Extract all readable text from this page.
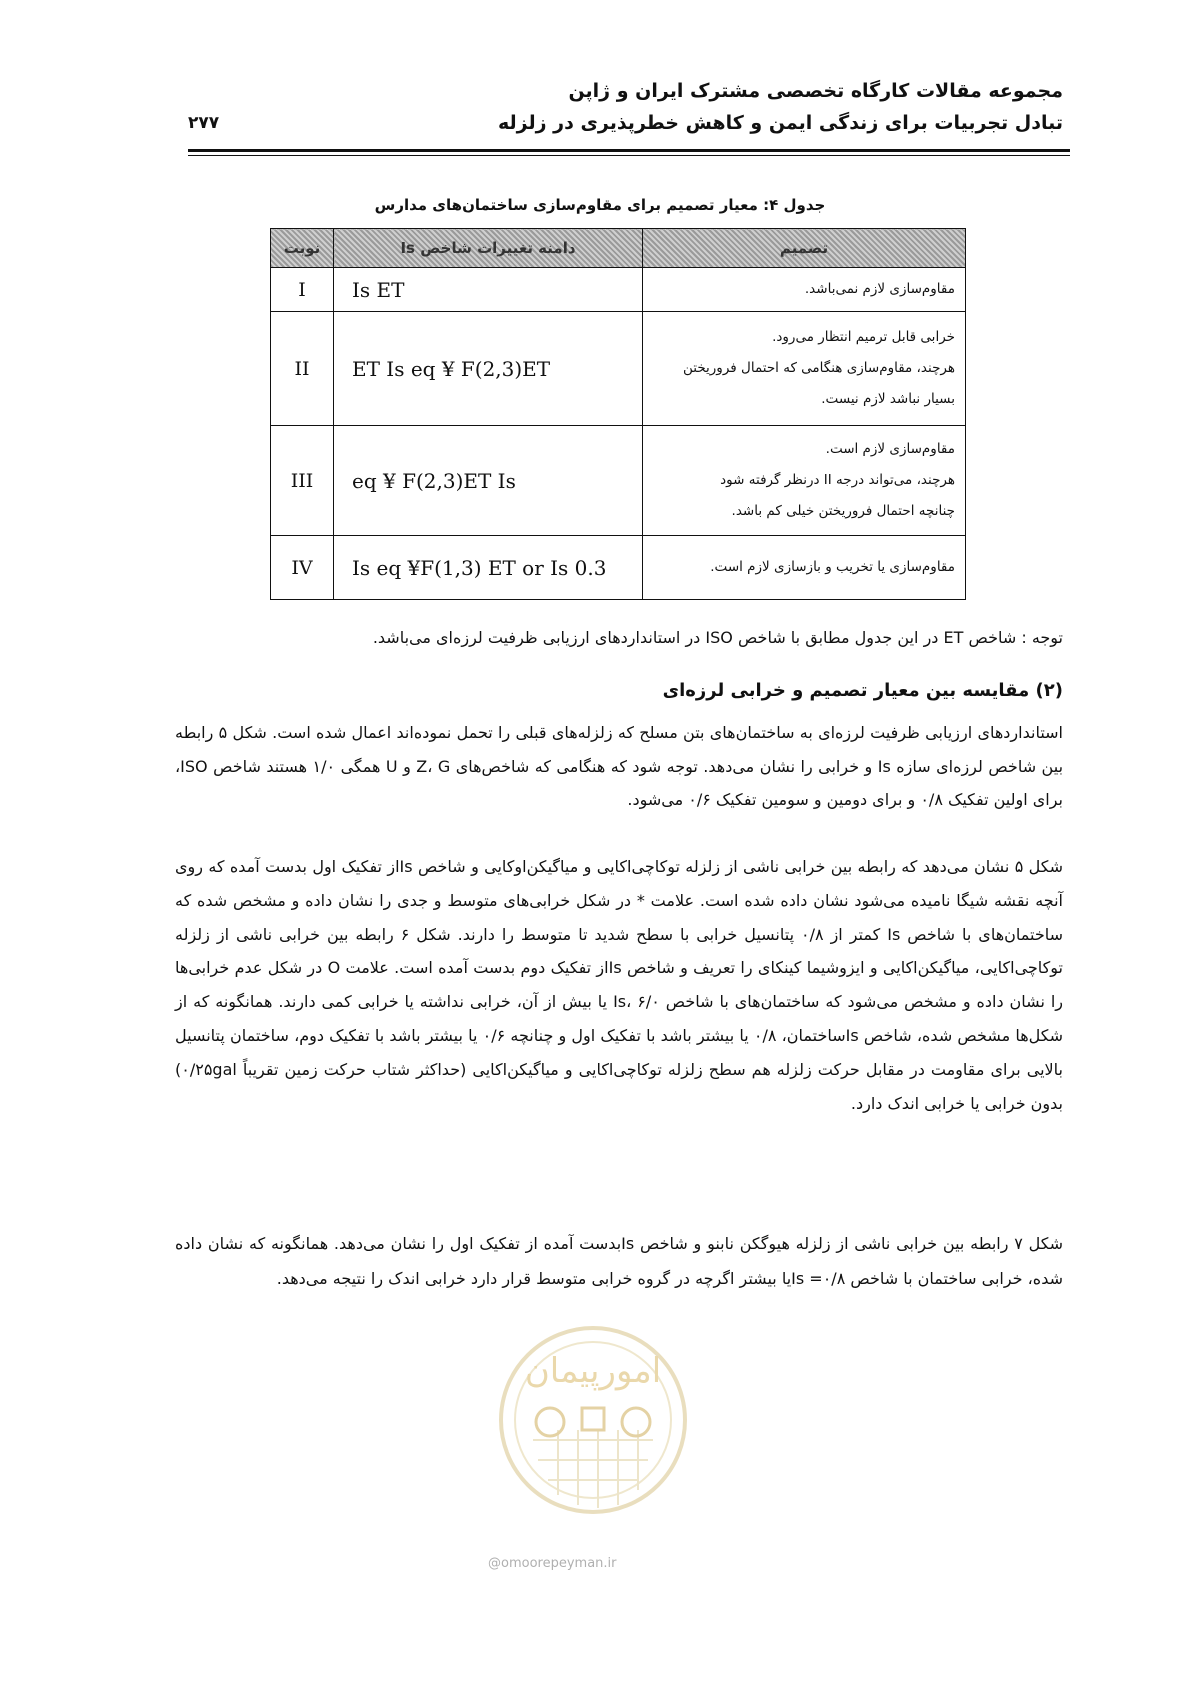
مجموعه مقالات کارگاه تخصصی مشترک ایران و ژاپن
تبادل تجربیات برای زندگی ایمن و کاهش خطرپذیری در زلزله
۲۷۷
جدول ۴: معیار تصمیم برای مقاوم‌سازی ساختمان‌های مدارس
تصمیم	دامنه تغییرات شاخص Is	نوبت

مقاوم‌سازی لازم نمی‌باشد.	Is ET	I

خرابی قابل ترمیم انتظار می‌رود.
هرچند، مقاوم‌سازی هنگامی که احتمال فروریختن
بسیار نباشد لازم نیست.	ET Is eq ¥ F(2,3)ET	II

مقاوم‌سازی لازم است.
هرچند، می‌تواند درجه II درنظر گرفته شود
چنانچه احتمال فروریختن خیلی کم باشد.	eq ¥ F(2,3)ET Is	III

مقاوم‌سازی یا تخریب و بازسازی لازم است.	Is eq ¥F(1,3) ET or Is 0.3	IV
توجه : شاخص ET در این جدول مطابق با شاخص ISO در استانداردهای ارزیابی ظرفیت لرزه‌ای می‌باشد.
(۲) مقایسه بین معیار تصمیم و خرابی لرزه‌ای
استانداردهای ارزیابی ظرفیت لرزه‌ای به ساختمان‌های بتن مسلح که زلزله‌های قبلی را تحمل نموده‌اند اعمال شده است. شکل ۵ رابطه بین شاخص لرزه‌ای سازه Is و خرابی را نشان می‌دهد. توجه شود که هنگامی که شاخص‌های Z، G و U همگی ۱/۰ هستند شاخص ISO، برای اولین تفکیک ۰/۸ و برای دومین و سومین تفکیک ۰/۶ می‌شود.
شکل ۵ نشان می‌دهد که رابطه بین خرابی ناشی از زلزله توکاچی‌اکایی و میاگیکن‌اوکایی و شاخص Isاز تفکیک اول بدست آمده که روی آنچه نقشه شیگا نامیده می‌شود نشان داده شده است. علامت * در شکل خرابی‌های متوسط و جدی را نشان داده و مشخص شده که ساختمان‌های با شاخص Is کمتر از ۰/۸ پتانسیل خرابی با سطح شدید تا متوسط را دارند. شکل ۶ رابطه بین خرابی ناشی از زلزله توکاچی‌اکایی، میاگیکن‌اکایی و ایزوشیما کینکای را تعریف و شاخص Isاز تفکیک دوم بدست آمده است. علامت O در شکل عدم خرابی‌ها را نشان داده و مشخص می‌شود که ساختمان‌های با شاخص Is، ۶/۰ یا بیش از آن، خرابی نداشته یا خرابی کمی دارند. همانگونه که از شکل‌ها مشخص شده، شاخص Isساختمان، ۰/۸ یا بیشتر باشد با تفکیک اول و چنانچه ۰/۶ یا بیشتر باشد با تفکیک دوم، ساختمان پتانسیل بالایی برای مقاومت در مقابل حرکت زلزله هم سطح زلزله توکاچی‌اکایی و میاگیکن‌اکایی (حداکثر شتاب حرکت زمین تقریباً ۰/۲۵gal) بدون خرابی یا خرابی اندک دارد.
شکل ۷ رابطه بین خرابی ناشی از زلزله هیوگکن نابنو و شاخص Isبدست آمده از تفکیک اول را نشان می‌دهد. همانگونه که نشان داده شده، خرابی ساختمان با شاخص Is =۰/۸یا بیشتر اگرچه در گروه خرابی متوسط قرار دارد خرابی اندک را نتیجه می‌دهد.
امورپیمان
@omoorepeyman.ir
